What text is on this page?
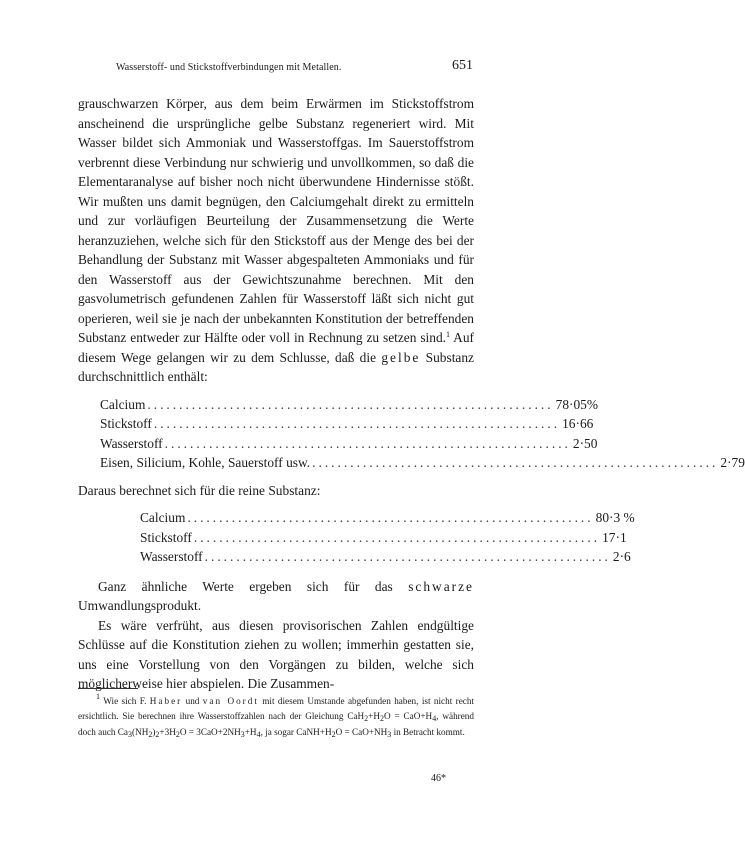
Wasserstoff- und Stickstoffverbindungen mit Metallen.	651

grauschwarzen Körper, aus dem beim Erwärmen im Stickstoffstrom anscheinend die ursprüngliche gelbe Substanz regeneriert wird. Mit Wasser bildet sich Ammoniak und Wasserstoffgas. Im Sauerstoffstrom verbrennt diese Verbindung nur schwierig und unvollkommen, so daß die Elementaranalyse auf bisher noch nicht überwundene Hindernisse stößt. Wir mußten uns damit begnügen, den Calciumgehalt direkt zu ermitteln und zur vorläufigen Beurteilung der Zusammensetzung die Werte heranzuziehen, welche sich für den Stickstoff aus der Menge des bei der Behandlung der Substanz mit Wasser abgespalteten Ammoniaks und für den Wasserstoff aus der Gewichtszunahme berechnen. Mit den gasvolumetrisch gefundenen Zahlen für Wasserstoff läßt sich nicht gut operieren, weil sie je nach der unbekannten Konstitution der betreffenden Substanz entweder zur Hälfte oder voll in Rechnung zu setzen sind.$^1$ Auf diesem Wege gelangen wir zu dem Schlusse, daß die gelbe Substanz durchschnittlich enthält:

Calcium ................................................................ 78·05%
Stickstoff ................................................................ 16·66
Wasserstoff ................................................................ 2·50
Eisen, Silicium, Kohle, Sauerstoff usw. ................................................................ 2·79

Daraus berechnet sich für die reine Substanz:

Calcium ................................................................ 80·3 %
Stickstoff ................................................................ 17·1
Wasserstoff ................................................................ 2·6

Ganz ähnliche Werte ergeben sich für das schwarze Umwandlungsprodukt.

Es wäre verfrüht, aus diesen provisorischen Zahlen endgültige Schlüsse auf die Konstitution ziehen zu wollen; immerhin gestatten sie, uns eine Vorstellung von den Vorgängen zu bilden, welche sich möglicherweise hier abspielen. Die Zusammen-

$^1$ Wie sich F. Haber und van Oordt mit diesem Umstande abgefunden haben, ist nicht recht ersichtlich. Sie berechnen ihre Wasserstoffzahlen nach der Gleichung $CaH_2+H_2O = CaO+H_4$, während doch auch $Ca_3(NH_2)_2+3H_2O = 3CaO+2NH_3+H_4$, ja sogar $CaNH+H_2O = CaO+NH_3$ in Betracht kommt.

46*
